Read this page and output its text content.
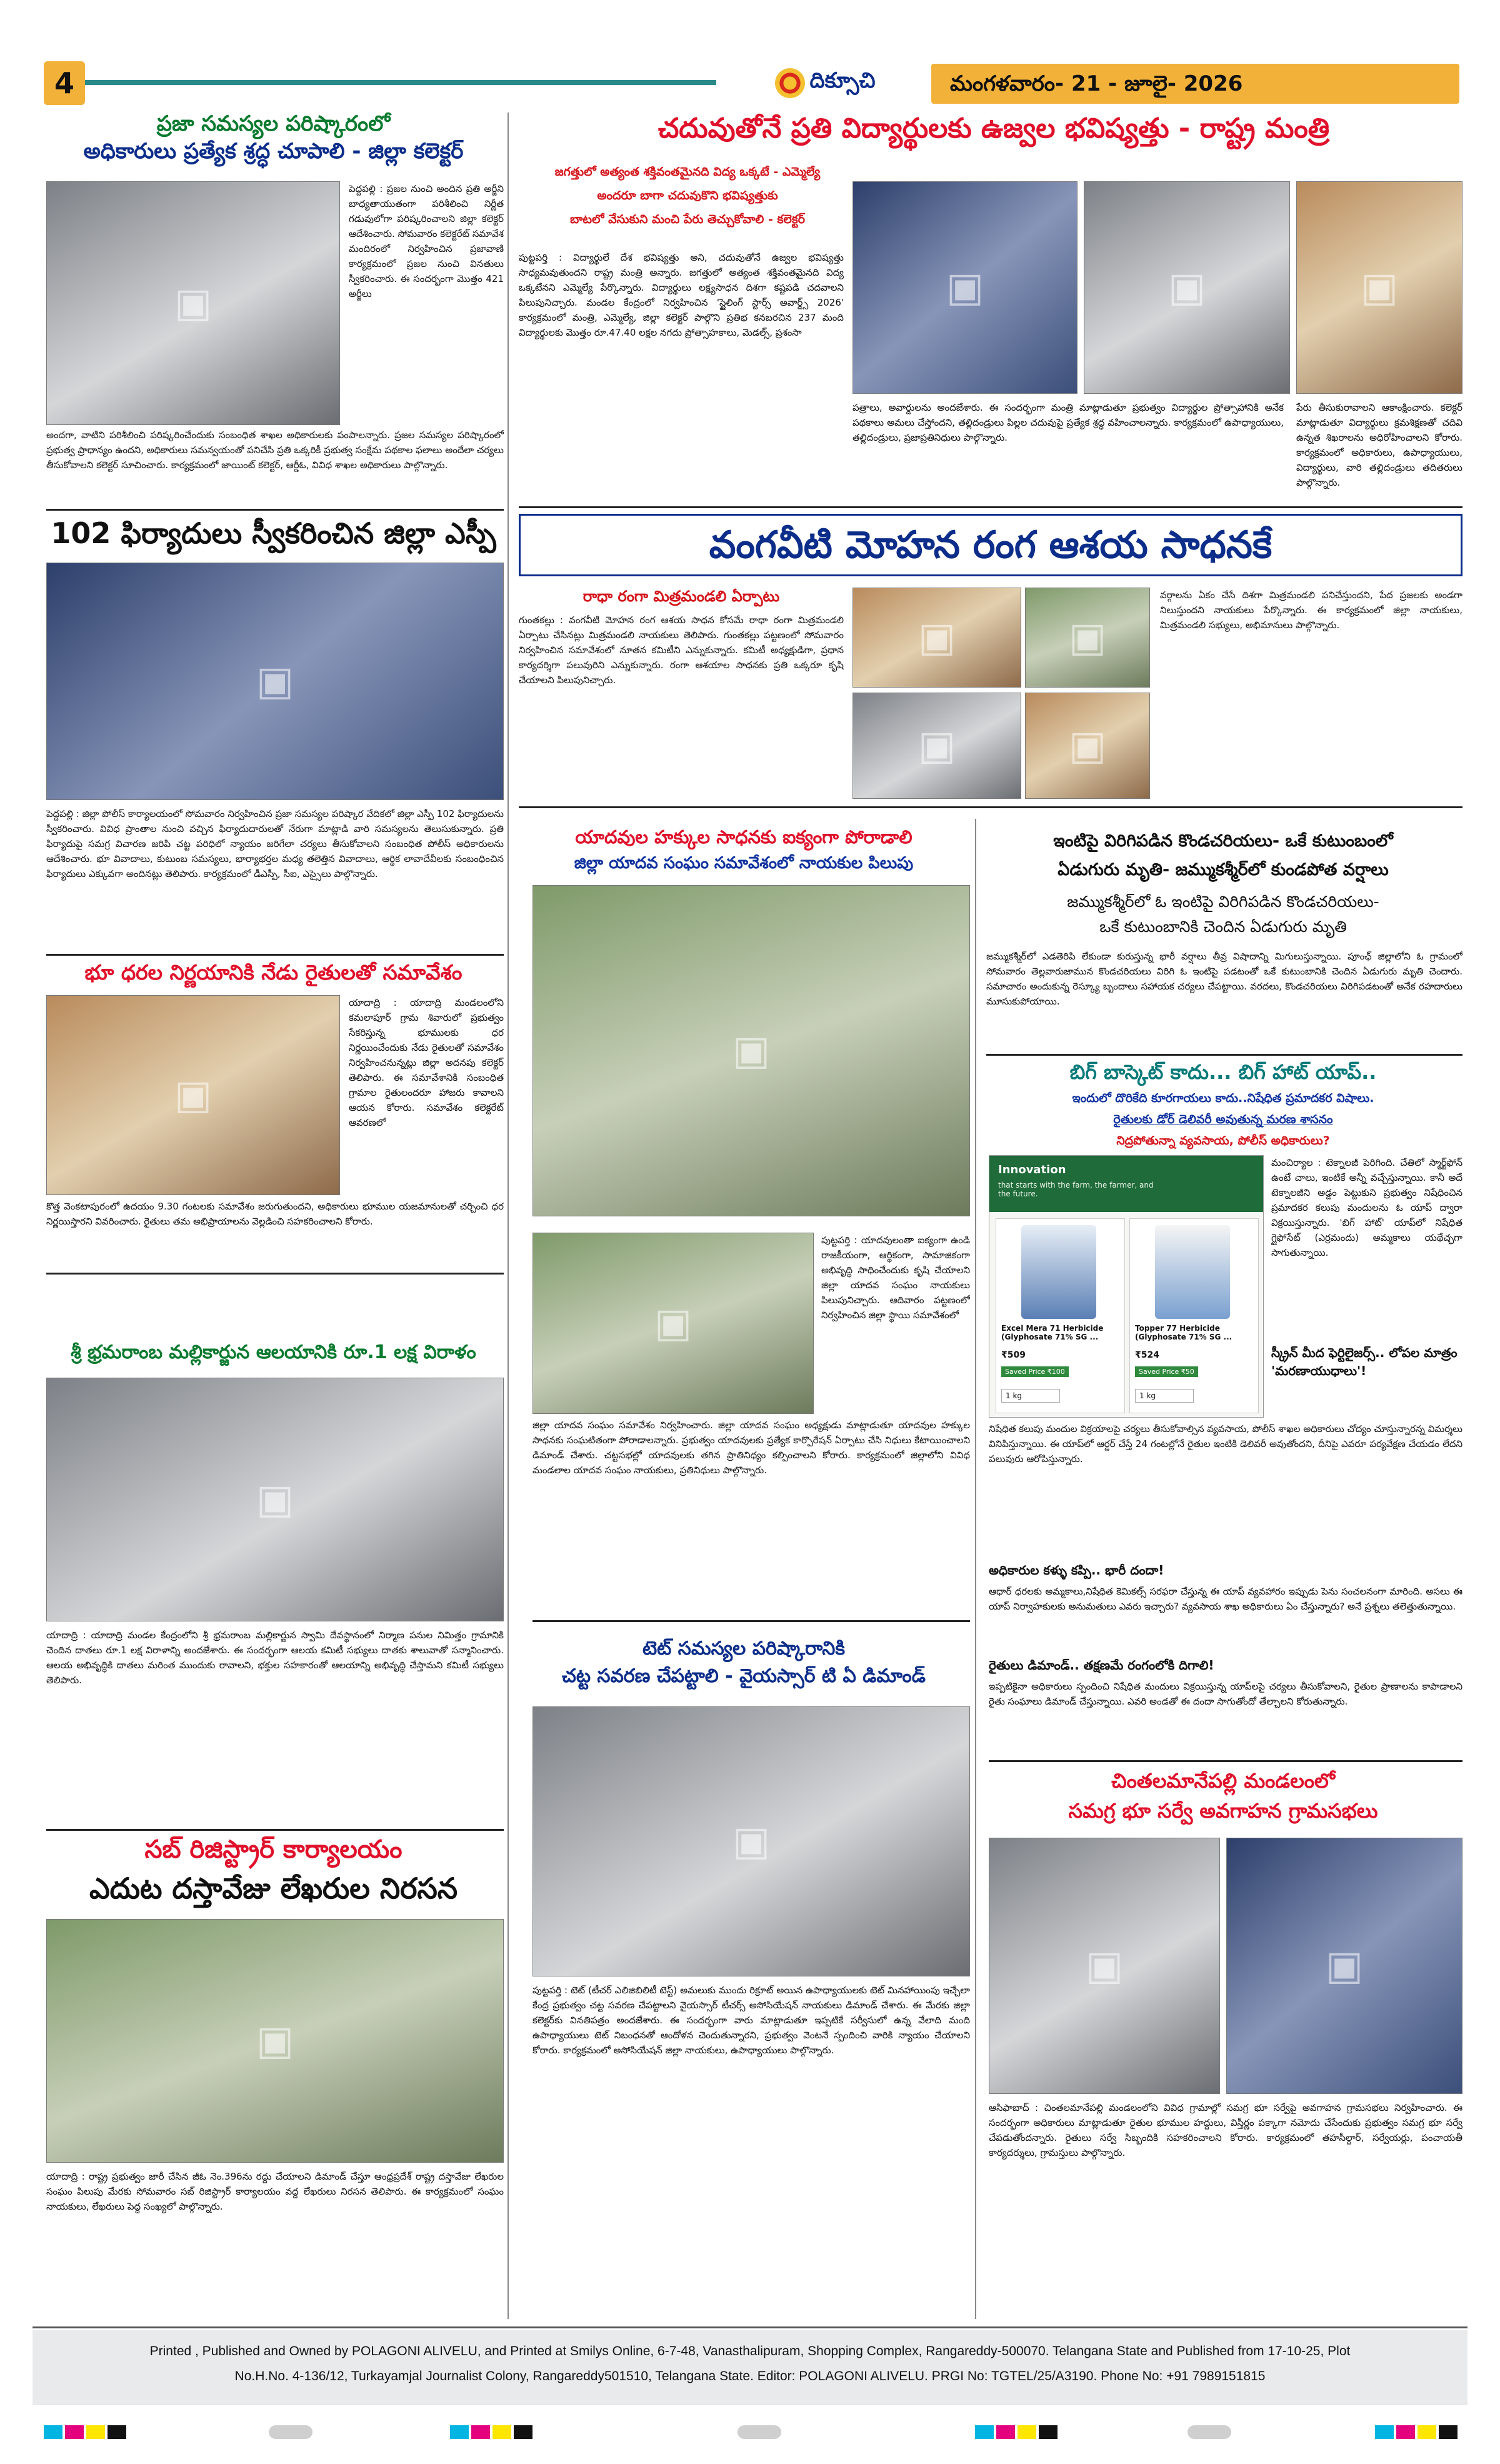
4	దిక్సూచి	మంగళవారం- 21 - జూలై- 2026
ప్రజా సమస్యల పరిష్కారంలో
అధికారులు ప్రత్యేక శ్రద్ధ చూపాలి - జిల్లా కలెక్టర్
▣
పెద్దపల్లి : ప్రజల నుంచి అందిన ప్రతి అర్జీని బాధ్యతాయుతంగా పరిశీలించి నిర్ణీత గడువులోగా పరిష్కరించాలని జిల్లా కలెక్టర్ ఆదేశించారు. సోమవారం కలెక్టరేట్ సమావేశ మందిరంలో నిర్వహించిన ప్రజావాణి కార్యక్రమంలో ప్రజల నుంచి వినతులు స్వీకరించారు. ఈ సందర్భంగా మొత్తం 421 అర్జీలు
అందగా, వాటిని పరిశీలించి పరిష్కరించేందుకు సంబంధిత శాఖల అధికారులకు పంపాలన్నారు. ప్రజల సమస్యల పరిష్కారంలో ప్రభుత్వ ప్రాధాన్యం ఉందని, అధికారులు సమన్వయంతో పనిచేసి ప్రతి ఒక్కరికీ ప్రభుత్వ సంక్షేమ పథకాల ఫలాలు అందేలా చర్యలు తీసుకోవాలని కలెక్టర్ సూచించారు. కార్యక్రమంలో జాయింట్ కలెక్టర్, ఆర్డీఓ, వివిధ శాఖల అధికారులు పాల్గొన్నారు.
102 ఫిర్యాదులు స్వీకరించిన జిల్లా ఎస్పీ
▣
పెద్దపల్లి : జిల్లా పోలీస్ కార్యాలయంలో సోమవారం నిర్వహించిన ప్రజా సమస్యల పరిష్కార వేదికలో జిల్లా ఎస్పీ 102 ఫిర్యాదులను స్వీకరించారు. వివిధ ప్రాంతాల నుంచి వచ్చిన ఫిర్యాదుదారులతో నేరుగా మాట్లాడి వారి సమస్యలను తెలుసుకున్నారు. ప్రతి ఫిర్యాదుపై సమగ్ర విచారణ జరిపి చట్ట పరిధిలో న్యాయం జరిగేలా చర్యలు తీసుకోవాలని సంబంధిత పోలీస్ అధికారులను ఆదేశించారు. భూ వివాదాలు, కుటుంబ సమస్యలు, భార్యాభర్తల మధ్య తలెత్తిన వివాదాలు, ఆర్థిక లావాదేవీలకు సంబంధించిన ఫిర్యాదులు ఎక్కువగా అందినట్లు తెలిపారు. కార్యక్రమంలో డీఎస్పీ, సీఐ, ఎస్సైలు పాల్గొన్నారు.
భూ ధరల నిర్ణయానికి నేడు రైతులతో సమావేశం
▣
యాదాద్రి : యాదాద్రి మండలంలోని కమలాపూర్ గ్రామ శివారులో ప్రభుత్వం సేకరిస్తున్న భూములకు ధర నిర్ణయించేందుకు నేడు రైతులతో సమావేశం నిర్వహించనున్నట్లు జిల్లా అదనపు కలెక్టర్ తెలిపారు. ఈ సమావేశానికి సంబంధిత గ్రామాల రైతులందరూ హాజరు కావాలని ఆయన కోరారు. సమావేశం కలెక్టరేట్ ఆవరణలో
కొత్త వెంకటాపురంలో ఉదయం 9.30 గంటలకు సమావేశం జరుగుతుందని, అధికారులు భూముల యజమానులతో చర్చించి ధర నిర్ణయిస్తారని వివరించారు. రైతులు తమ అభిప్రాయాలను వెల్లడించి సహకరించాలని కోరారు.
శ్రీ భ్రమరాంబ మల్లికార్జున ఆలయానికి రూ.1 లక్ష విరాళం
▣
యాదాద్రి : యాదాద్రి మండల కేంద్రంలోని శ్రీ భ్రమరాంబ మల్లికార్జున స్వామి దేవస్థానంలో నిర్మాణ పనుల నిమిత్తం గ్రామానికి చెందిన దాతలు రూ.1 లక్ష విరాళాన్ని అందజేశారు. ఈ సందర్భంగా ఆలయ కమిటీ సభ్యులు దాతకు శాలువాతో సన్మానించారు. ఆలయ అభివృద్ధికి దాతలు మరింత ముందుకు రావాలని, భక్తుల సహకారంతో ఆలయాన్ని అభివృద్ధి చేస్తామని కమిటీ సభ్యులు తెలిపారు.
సబ్ రిజిస్ట్రార్ కార్యాలయం
ఎదుట దస్తావేజు లేఖరుల నిరసన
▣
యాదాద్రి : రాష్ట్ర ప్రభుత్వం జారీ చేసిన జీఓ నెం.396ను రద్దు చేయాలని డిమాండ్ చేస్తూ ఆంధ్రప్రదేశ్ రాష్ట్ర దస్తావేజు లేఖరుల సంఘం పిలుపు మేరకు సోమవారం సబ్ రిజిస్ట్రార్ కార్యాలయం వద్ద లేఖరులు నిరసన తెలిపారు. ఈ కార్యక్రమంలో సంఘం నాయకులు, లేఖరులు పెద్ద సంఖ్యలో పాల్గొన్నారు.
చదువుతోనే ప్రతి విద్యార్థులకు ఉజ్వల భవిష్యత్తు - రాష్ట్ర మంత్రి
జగత్తులో అత్యంత శక్తివంతమైనది విద్య ఒక్కటే - ఎమ్మెల్యే
అందరూ బాగా చదువుకొని భవిష్యత్తుకు
బాటలో వేసుకుని మంచి పేరు తెచ్చుకోవాలి - కలెక్టర్
▣	▣	▣
పుట్టపర్తి : విద్యార్థులే దేశ భవిష్యత్తు అని, చదువుతోనే ఉజ్వల భవిష్యత్తు సాధ్యమవుతుందని రాష్ట్ర మంత్రి అన్నారు. జగత్తులో అత్యంత శక్తివంతమైనది విద్య ఒక్కటేనని ఎమ్మెల్యే పేర్కొన్నారు. విద్యార్థులు లక్ష్యసాధన దిశగా కష్టపడి చదవాలని పిలుపునిచ్చారు. మండల కేంద్రంలో నిర్వహించిన 'స్టైలింగ్ స్టార్స్ అవార్డ్స్ 2026' కార్యక్రమంలో మంత్రి, ఎమ్మెల్యే, జిల్లా కలెక్టర్ పాల్గొని ప్రతిభ కనబరచిన 237 మంది విద్యార్థులకు మొత్తం రూ.47.40 లక్షల నగదు ప్రోత్సాహకాలు, మెడల్స్, ప్రశంసా
పత్రాలు, అవార్డులను అందజేశారు. ఈ సందర్భంగా మంత్రి మాట్లాడుతూ ప్రభుత్వం విద్యార్థుల ప్రోత్సాహానికి అనేక పథకాలు అమలు చేస్తోందని, తల్లిదండ్రులు పిల్లల చదువుపై ప్రత్యేక శ్రద్ధ వహించాలన్నారు. కార్యక్రమంలో ఉపాధ్యాయులు, తల్లిదండ్రులు, ప్రజాప్రతినిధులు పాల్గొన్నారు.
పేరు తీసుకురావాలని ఆకాంక్షించారు. కలెక్టర్ మాట్లాడుతూ విద్యార్థులు క్రమశిక్షణతో చదివి ఉన్నత శిఖరాలను అధిరోహించాలని కోరారు. కార్యక్రమంలో అధికారులు, ఉపాధ్యాయులు, విద్యార్థులు, వారి తల్లిదండ్రులు తదితరులు పాల్గొన్నారు.
వంగవీటి మోహన రంగ ఆశయ సాధనకే
రాధా రంగా మిత్రమండలి ఏర్పాటు
గుంతకల్లు : వంగవీటి మోహన రంగ ఆశయ సాధన కోసమే రాధా రంగా మిత్రమండలి ఏర్పాటు చేసినట్లు మిత్రమండలి నాయకులు తెలిపారు. గుంతకల్లు పట్టణంలో సోమవారం నిర్వహించిన సమావేశంలో నూతన కమిటీని ఎన్నుకున్నారు. కమిటీ అధ్యక్షుడిగా, ప్రధాన కార్యదర్శిగా పలువురిని ఎన్నుకున్నారు. రంగా ఆశయాల సాధనకు ప్రతి ఒక్కరూ కృషి చేయాలని పిలుపునిచ్చారు.
▣	▣
▣	▣
వర్గాలను ఏకం చేసే దిశగా మిత్రమండలి పనిచేస్తుందని, పేద ప్రజలకు అండగా నిలుస్తుందని నాయకులు పేర్కొన్నారు. ఈ కార్యక్రమంలో జిల్లా నాయకులు, మిత్రమండలి సభ్యులు, అభిమానులు పాల్గొన్నారు.
యాదవుల హక్కుల సాధనకు ఐక్యంగా పోరాడాలి
జిల్లా యాదవ సంఘం సమావేశంలో నాయకుల పిలుపు
▣
▣
పుట్టపర్తి : యాదవులంతా ఐక్యంగా ఉండి రాజకీయంగా, ఆర్థికంగా, సామాజికంగా అభివృద్ధి సాధించేందుకు కృషి చేయాలని జిల్లా యాదవ సంఘం నాయకులు పిలుపునిచ్చారు. ఆదివారం పట్టణంలో నిర్వహించిన జిల్లా స్థాయి సమావేశంలో
జిల్లా యాదవ సంఘం సమావేశం నిర్వహించారు. జిల్లా యాదవ సంఘం అధ్యక్షుడు మాట్లాడుతూ యాదవుల హక్కుల సాధనకు సంఘటితంగా పోరాడాలన్నారు. ప్రభుత్వం యాదవులకు ప్రత్యేక కార్పొరేషన్ ఏర్పాటు చేసి నిధులు కేటాయించాలని డిమాండ్ చేశారు. చట్టసభల్లో యాదవులకు తగిన ప్రాతినిధ్యం కల్పించాలని కోరారు. కార్యక్రమంలో జిల్లాలోని వివిధ మండలాల యాదవ సంఘం నాయకులు, ప్రతినిధులు పాల్గొన్నారు.
టెట్ సమస్యల పరిష్కారానికి
చట్ట సవరణ చేపట్టాలి - వైయస్సార్ టి ఏ డిమాండ్
▣
పుట్టపర్తి : టెట్ (టీచర్ ఎలిజిబిలిటీ టెస్ట్) అమలుకు ముందు రిక్రూట్ అయిన ఉపాధ్యాయులకు టెట్ మినహాయింపు ఇచ్చేలా కేంద్ర ప్రభుత్వం చట్ట సవరణ చేపట్టాలని వైయస్సార్ టీచర్స్ అసోసియేషన్ నాయకులు డిమాండ్ చేశారు. ఈ మేరకు జిల్లా కలెక్టర్‌కు వినతిపత్రం అందజేశారు. ఈ సందర్భంగా వారు మాట్లాడుతూ ఇప్పటికే సర్వీసులో ఉన్న వేలాది మంది ఉపాధ్యాయులు టెట్ నిబంధనతో ఆందోళన చెందుతున్నారని, ప్రభుత్వం వెంటనే స్పందించి వారికి న్యాయం చేయాలని కోరారు. కార్యక్రమంలో అసోసియేషన్ జిల్లా నాయకులు, ఉపాధ్యాయులు పాల్గొన్నారు.
ఇంటిపై విరిగిపడిన కొండచరియలు- ఒకే కుటుంబంలో
ఏడుగురు మృతి- జమ్ముకశ్మీర్‌లో కుండపోత వర్షాలు
జమ్ముకశ్మీర్‌లో ఓ ఇంటిపై విరిగిపడిన కొండచరియలు-
ఒకే కుటుంబానికి చెందిన ఏడుగురు మృతి
జమ్ముకశ్మీర్‌లో ఎడతెరిపి లేకుండా కురుస్తున్న భారీ వర్షాలు తీవ్ర విషాదాన్ని మిగులుస్తున్నాయి. పూంఛ్ జిల్లాలోని ఓ గ్రామంలో సోమవారం తెల్లవారుజామున కొండచరియలు విరిగి ఓ ఇంటిపై పడటంతో ఒకే కుటుంబానికి చెందిన ఏడుగురు మృతి చెందారు. సమాచారం అందుకున్న రెస్క్యూ బృందాలు సహాయక చర్యలు చేపట్టాయి. వరదలు, కొండచరియలు విరిగిపడటంతో అనేక రహదారులు మూసుకుపోయాయి.
బిగ్ బాస్కెట్ కాదు... బిగ్ హాట్ యాప్..
ఇందులో దొరికేది కూరగాయలు కాదు..నిషేధిత ప్రమాదకర విషాలు.
రైతులకు డోర్ డెలివరీ అవుతున్న మరణ శాసనం
నిద్రపోతున్నా వ్యవసాయ, పోలీస్ అధికారులు?
Innovation
that starts with the farm, the farmer, and the future.
Excel Mera 71 Herbicide (Glyphosate 71% SG ...
₹509
Saved Price ₹100
1 kg
Topper 77 Herbicide (Glyphosate 71% SG ...
₹524
Saved Price ₹50
1 kg
మంచిర్యాల : టెక్నాలజీ పెరిగింది. చేతిలో స్మార్ట్‌ఫోన్ ఉంటే చాలు, ఇంటికే అన్నీ వచ్చేస్తున్నాయి. కానీ అదే టెక్నాలజీని అడ్డం పెట్టుకుని ప్రభుత్వం నిషేధించిన ప్రమాదకర కలుపు మందులను ఓ యాప్ ద్వారా విక్రయిస్తున్నారు. 'బిగ్ హాట్' యాప్‌లో నిషేధిత గ్లైఫోసేట్ (ఎర్రమందు) అమ్మకాలు యథేచ్ఛగా సాగుతున్నాయి.
స్క్రీన్ మీద ఫెర్టిలైజర్స్.. లోపల మాత్రం 'మరణాయుధాలు'!
నిషేధిత కలుపు మందుల విక్రయాలపై చర్యలు తీసుకోవాల్సిన వ్యవసాయ, పోలీస్ శాఖల అధికారులు చోద్యం చూస్తున్నారన్న విమర్శలు వినిపిస్తున్నాయి. ఈ యాప్‌లో ఆర్డర్ చేస్తే 24 గంటల్లోనే రైతుల ఇంటికి డెలివరీ అవుతోందని, దీనిపై ఎవరూ పర్యవేక్షణ చేయడం లేదని పలువురు ఆరోపిస్తున్నారు.
అధికారుల కళ్ళు కప్పి.. భారీ దందా!
ఆధార్ ధరలకు అమ్మకాలు,నిషేధిత కెమికల్స్ సరఫరా చేస్తున్న ఈ యాప్ వ్యవహారం ఇప్పుడు పెను సంచలనంగా మారింది. అసలు ఈ యాప్ నిర్వాహకులకు అనుమతులు ఎవరు ఇచ్చారు? వ్యవసాయ శాఖ అధికారులు ఏం చేస్తున్నారు? అనే ప్రశ్నలు తలెత్తుతున్నాయి.
రైతులు డిమాండ్.. తక్షణమే రంగంలోకి దిగాలి!
ఇప్పటికైనా అధికారులు స్పందించి నిషేధిత మందులు విక్రయిస్తున్న యాప్‌లపై చర్యలు తీసుకోవాలని, రైతుల ప్రాణాలను కాపాడాలని రైతు సంఘాలు డిమాండ్ చేస్తున్నాయి. ఎవరి అండతో ఈ దందా సాగుతోందో తేల్చాలని కోరుతున్నారు.
చింతలమానేపల్లి మండలంలో
సమగ్ర భూ సర్వే అవగాహన గ్రామసభలు
▣	▣
ఆసిఫాబాద్ : చింతలమానేపల్లి మండలంలోని వివిధ గ్రామాల్లో సమగ్ర భూ సర్వేపై అవగాహన గ్రామసభలు నిర్వహించారు. ఈ సందర్భంగా అధికారులు మాట్లాడుతూ రైతుల భూముల హద్దులు, విస్తీర్ణం పక్కాగా నమోదు చేసేందుకు ప్రభుత్వం సమగ్ర భూ సర్వే చేపడుతోందన్నారు. రైతులు సర్వే సిబ్బందికి సహకరించాలని కోరారు. కార్యక్రమంలో తహసీల్దార్, సర్వేయర్లు, పంచాయతీ కార్యదర్శులు, గ్రామస్తులు పాల్గొన్నారు.
Printed , Published and Owned by POLAGONI ALIVELU, and Printed at Smilys Online, 6-7-48, Vanasthalipuram, Shopping Complex, Rangareddy-500070. Telangana State and Published from 17-10-25, Plot
No.H.No. 4-136/12, Turkayamjal Journalist Colony, Rangareddy501510, Telangana State. Editor: POLAGONI ALIVELU. PRGI No: TGTEL/25/A3190. Phone No: +91 7989151815
